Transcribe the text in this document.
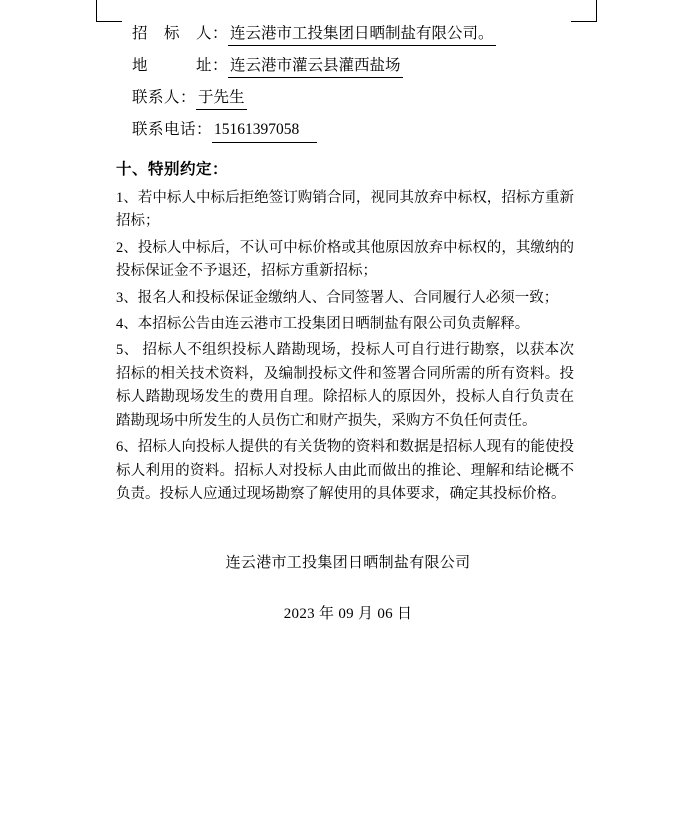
招　标　人： 连云港市工投集团日晒制盐有限公司。
地　　　址： 连云港市灌云县灌西盐场
联系人： 于先生
联系电话： 15161397058　
十、特别约定：

1、若中标人中标后拒绝签订购销合同，视同其放弃中标权，招标方重新招标；

2、投标人中标后，不认可中标价格或其他原因放弃中标权的，其缴纳的投标保证金不予退还，招标方重新招标；

3、报名人和投标保证金缴纳人、合同签署人、合同履行人必须一致；

4、本招标公告由连云港市工投集团日晒制盐有限公司负责解释。

5、 招标人不组织投标人踏勘现场，投标人可自行进行勘察，以获本次招标的相关技术资料，及编制投标文件和签署合同所需的所有资料。投标人踏勘现场发生的费用自理。除招标人的原因外，投标人自行负责在踏勘现场中所发生的人员伤亡和财产损失，采购方不负任何责任。

6、招标人向投标人提供的有关货物的资料和数据是招标人现有的能使投标人利用的资料。招标人对投标人由此而做出的推论、理解和结论概不负责。投标人应通过现场勘察了解使用的具体要求，确定其投标价格。

连云港市工投集团日晒制盐有限公司
2023 年 09 月 06 日
